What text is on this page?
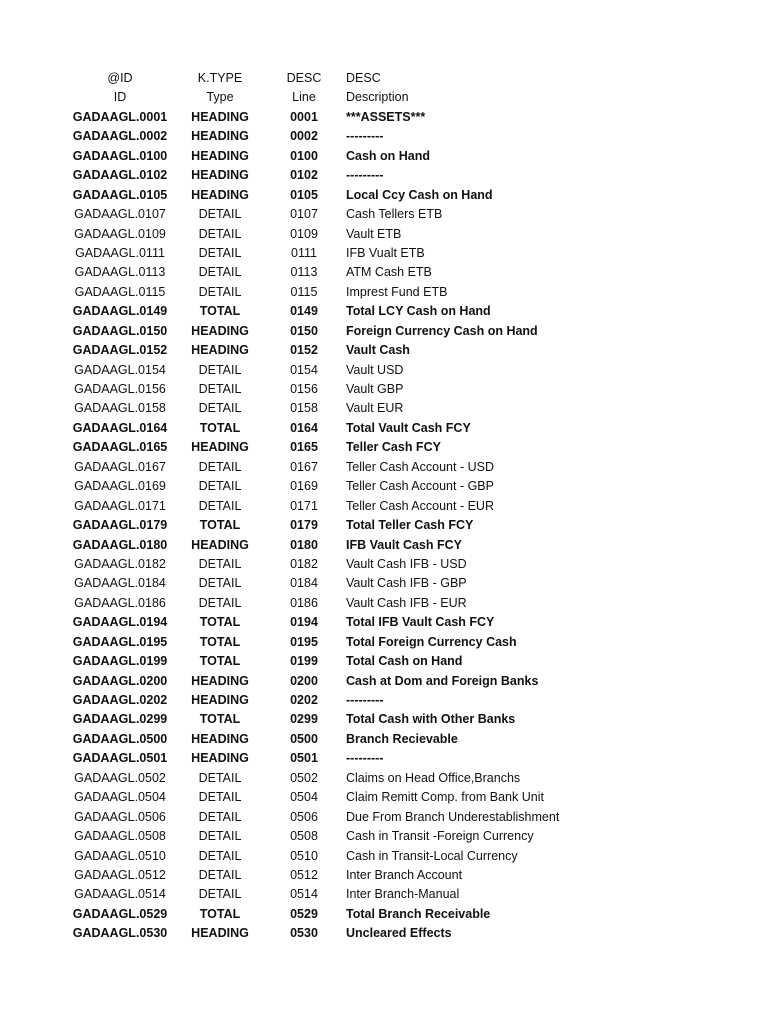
@ID	K.TYPE	DESC	DESC
ID	Type	Line	Description
GADAAGL.0001	HEADING	0001	***ASSETS***
GADAAGL.0002	HEADING	0002	---------
GADAAGL.0100	HEADING	0100	Cash on Hand
GADAAGL.0102	HEADING	0102	---------
GADAAGL.0105	HEADING	0105	Local Ccy Cash on Hand
GADAAGL.0107	DETAIL	0107	Cash Tellers ETB
GADAAGL.0109	DETAIL	0109	Vault ETB
GADAAGL.0111	DETAIL	0111	IFB Vualt ETB
GADAAGL.0113	DETAIL	0113	ATM Cash ETB
GADAAGL.0115	DETAIL	0115	Imprest Fund ETB
GADAAGL.0149	TOTAL	0149	Total LCY Cash on Hand
GADAAGL.0150	HEADING	0150	Foreign Currency Cash on Hand
GADAAGL.0152	HEADING	0152	Vault Cash
GADAAGL.0154	DETAIL	0154	Vault USD
GADAAGL.0156	DETAIL	0156	Vault GBP
GADAAGL.0158	DETAIL	0158	Vault EUR
GADAAGL.0164	TOTAL	0164	Total Vault Cash FCY
GADAAGL.0165	HEADING	0165	Teller Cash FCY
GADAAGL.0167	DETAIL	0167	Teller Cash Account - USD
GADAAGL.0169	DETAIL	0169	Teller Cash Account - GBP
GADAAGL.0171	DETAIL	0171	Teller Cash Account - EUR
GADAAGL.0179	TOTAL	0179	Total Teller Cash FCY
GADAAGL.0180	HEADING	0180	IFB Vault Cash FCY
GADAAGL.0182	DETAIL	0182	Vault Cash IFB - USD
GADAAGL.0184	DETAIL	0184	Vault Cash IFB - GBP
GADAAGL.0186	DETAIL	0186	Vault Cash IFB - EUR
GADAAGL.0194	TOTAL	0194	Total IFB Vault Cash FCY
GADAAGL.0195	TOTAL	0195	Total Foreign Currency Cash
GADAAGL.0199	TOTAL	0199	Total Cash on Hand
GADAAGL.0200	HEADING	0200	Cash at Dom and Foreign Banks
GADAAGL.0202	HEADING	0202	---------
GADAAGL.0299	TOTAL	0299	Total Cash with Other Banks
GADAAGL.0500	HEADING	0500	Branch Recievable
GADAAGL.0501	HEADING	0501	---------
GADAAGL.0502	DETAIL	0502	Claims on Head Office,Branchs
GADAAGL.0504	DETAIL	0504	Claim Remitt Comp. from Bank Unit
GADAAGL.0506	DETAIL	0506	Due From Branch Underestablishment
GADAAGL.0508	DETAIL	0508	Cash in Transit -Foreign Currency
GADAAGL.0510	DETAIL	0510	Cash in Transit-Local Currency
GADAAGL.0512	DETAIL	0512	Inter Branch Account
GADAAGL.0514	DETAIL	0514	Inter Branch-Manual
GADAAGL.0529	TOTAL	0529	Total Branch Receivable
GADAAGL.0530	HEADING	0530	Uncleared Effects
